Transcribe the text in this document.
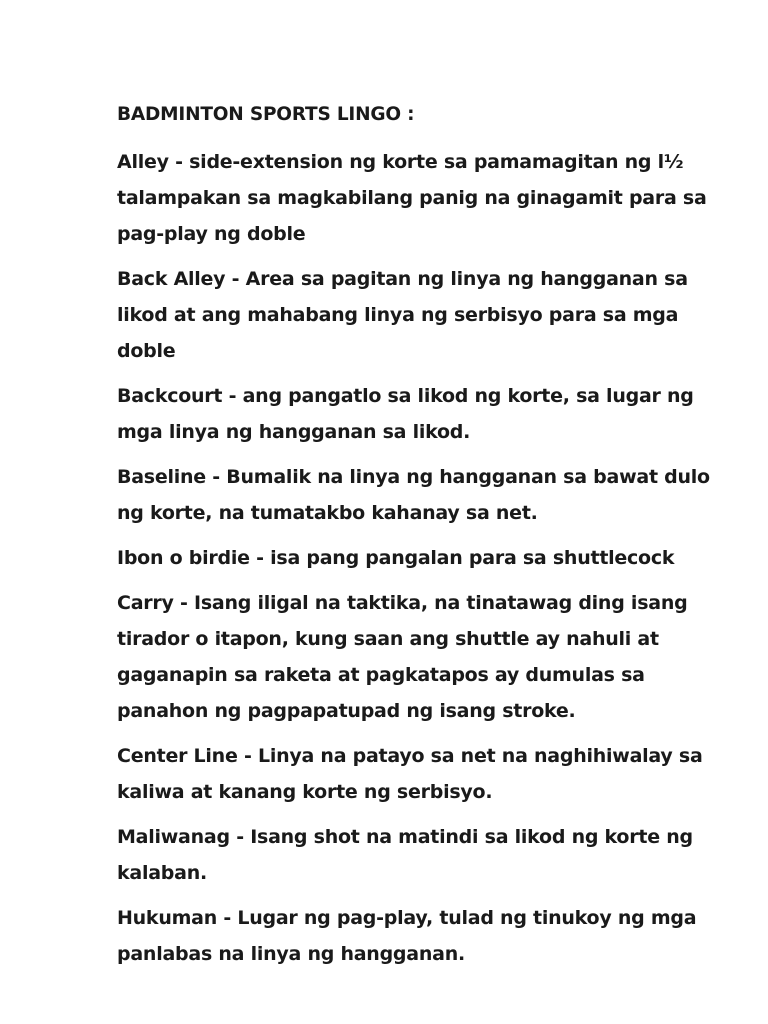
BADMINTON SPORTS LINGO :
Alley - side-extension ng korte sa pamamagitan ng l½ talampakan sa magkabilang panig na ginagamit para sa pag-play ng doble
Back Alley - Area sa pagitan ng linya ng hangganan sa likod at ang mahabang linya ng serbisyo para sa mga doble
Backcourt - ang pangatlo sa likod ng korte, sa lugar ng mga linya ng hangganan sa likod.
Baseline - Bumalik na linya ng hangganan sa bawat dulo ng korte, na tumatakbo kahanay sa net.
Ibon o birdie - isa pang pangalan para sa shuttlecock
Carry - Isang iligal na taktika, na tinatawag ding isang tirador o itapon, kung saan ang shuttle ay nahuli at gaganapin sa raketa at pagkatapos ay dumulas sa panahon ng pagpapatupad ng isang stroke.
Center Line - Linya na patayo sa net na naghihiwalay sa kaliwa at kanang korte ng serbisyo.
Maliwanag - Isang shot na matindi sa likod ng korte ng kalaban.
Hukuman - Lugar ng pag-play, tulad ng tinukoy ng mga panlabas na linya ng hangganan.
